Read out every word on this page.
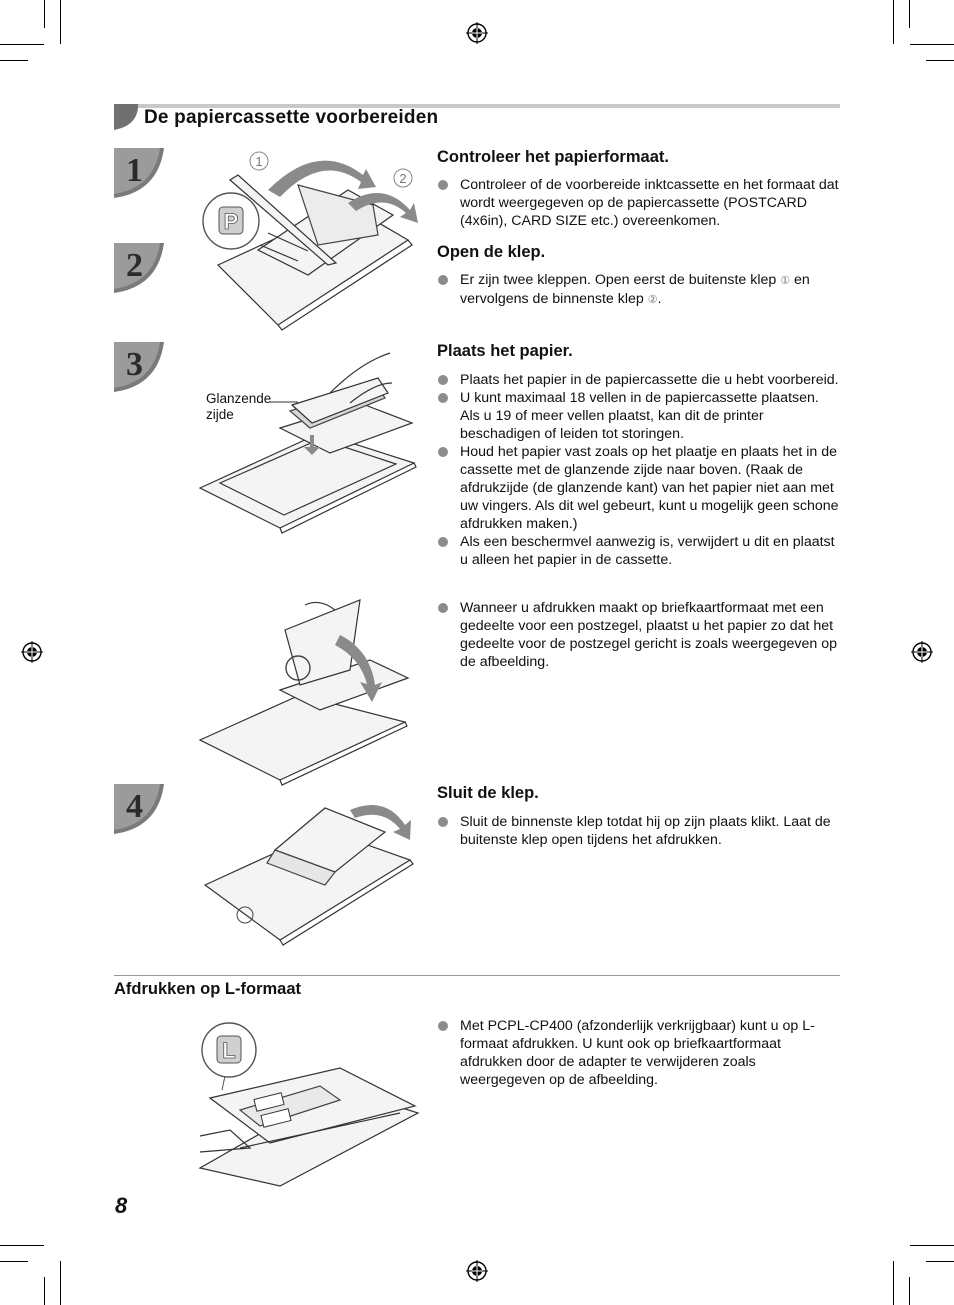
De papiercassette voorbereiden
1
2
3
4
1
2
P
Glanzende
zijde
Controleer het papierformaat.
Controleer of de voorbereide inktcassette en het formaat dat wordt weergegeven op de papiercassette (POSTCARD (4x6in), CARD SIZE etc.) overeenkomen.
Open de klep.
Er zijn twee kleppen. Open eerst de buitenste klep ① en vervolgens de binnenste klep ②.
Plaats het papier.
Plaats het papier in de papiercassette die u hebt voorbereid.
U kunt maximaal 18 vellen in de papiercassette plaatsen. Als u 19 of meer vellen plaatst, kan dit de printer beschadigen of leiden tot storingen.
Houd het papier vast zoals op het plaatje en plaats het in de cassette met de glanzende zijde naar boven. (Raak de afdrukzijde (de glanzende kant) van het papier niet aan met uw vingers. Als dit wel gebeurt, kunt u mogelijk geen schone afdrukken maken.)
Als een beschermvel aanwezig is, verwijdert u dit en plaatst u alleen het papier in de cassette.
Wanneer u afdrukken maakt op briefkaartformaat met een gedeelte voor een postzegel, plaatst u het papier zo dat het gedeelte voor de postzegel gericht is zoals weergegeven op de afbeelding.
Sluit de klep.
Sluit de binnenste klep totdat hij op zijn plaats klikt. Laat de buitenste klep open tijdens het afdrukken.
Afdrukken op L-formaat
Met PCPL-CP400 (afzonderlijk verkrijgbaar) kunt u op L-formaat afdrukken. U kunt ook op briefkaartformaat afdrukken door de adapter te verwijderen zoals weergegeven op de afbeelding.
L
8
